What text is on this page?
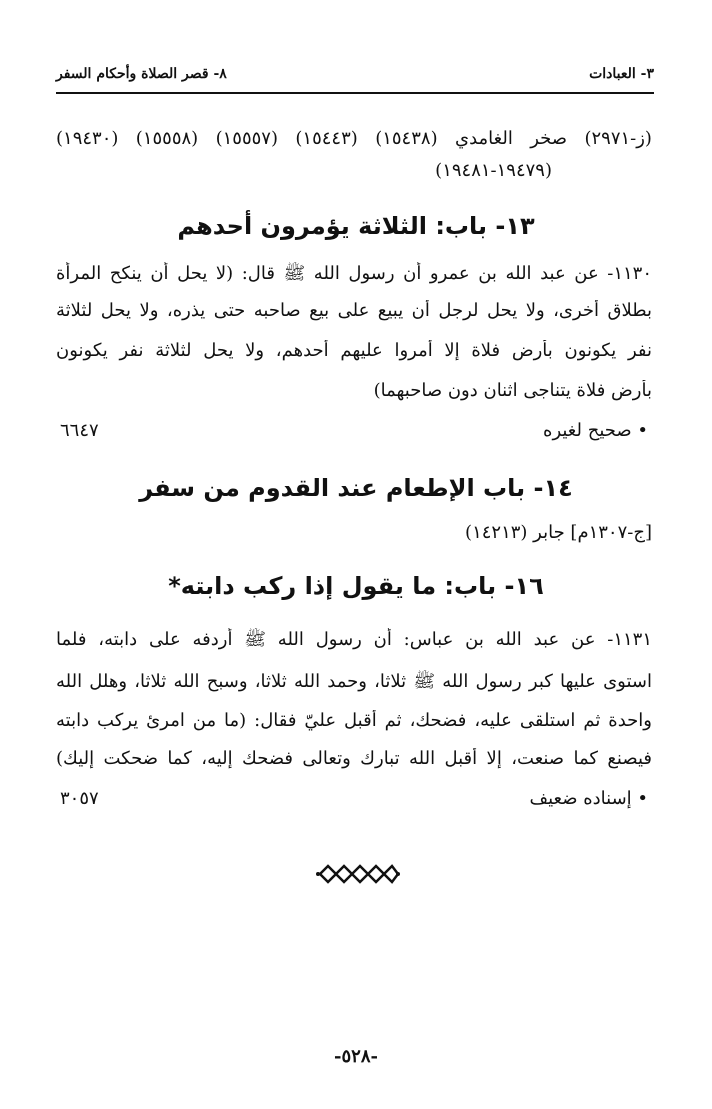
٣- العبادات
٨- قصر الصلاة وأحكام السفر
(ز-٢٩٧١) صخر الغامدي (١٥٤٣٨) (١٥٤٤٣) (١٥٥٥٧) (١٥٥٥٨) (١٩٤٣٠)
(١٩٤٧٩-١٩٤٨١)
١٣- باب: الثلاثة يؤمرون أحدهم
١١٣٠- عن عبد الله بن عمرو أن رسول الله ﷺ قال: (لا يحل أن ينكح المرأة
بطلاق أخرى، ولا يحل لرجل أن يبيع على بيع صاحبه حتى يذره، ولا يحل لثلاثة
نفر يكونون بأرض فلاة إلا أمروا عليهم أحدهم، ولا يحل لثلاثة نفر يكونون
بأرض فلاة يتناجى اثنان دون صاحبهما)
• صحيح لغيره
٦٦٤٧
١٤- باب الإطعام عند القدوم من سفر
[ج-١٣٠٧م] جابر (١٤٢١٣)
١٦- باب: ما يقول إذا ركب دابته*
١١٣١- عن عبد الله بن عباس: أن رسول الله ﷺ أردفه على دابته، فلما
استوى عليها كبر رسول الله ﷺ ثلاثا، وحمد الله ثلاثا، وسبح الله ثلاثا، وهلل الله
واحدة ثم استلقى عليه، فضحك، ثم أقبل عليّ فقال: (ما من امرئ يركب دابته
فيصنع كما صنعت، إلا أقبل الله تبارك وتعالى فضحك إليه، كما ضحكت إليك)
• إسناده ضعيف
٣٠٥٧
-٥٢٨-
